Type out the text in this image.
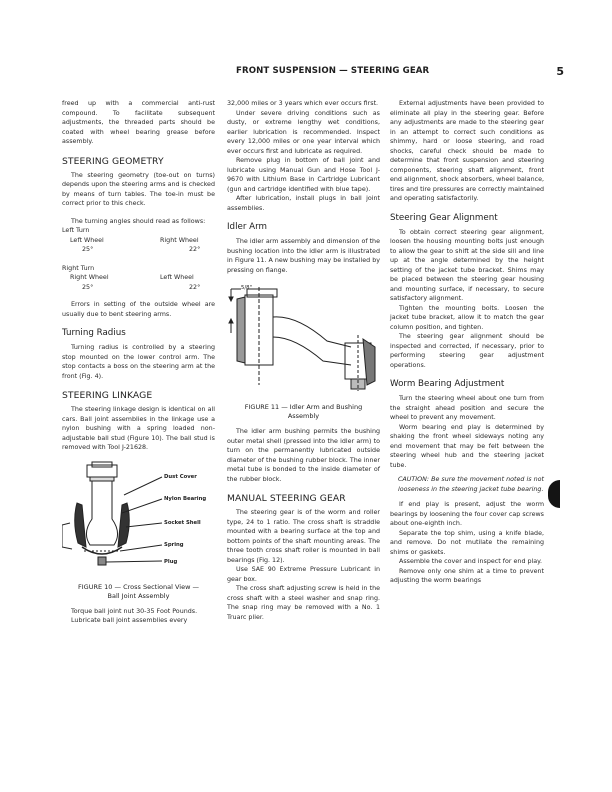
FRONT SUSPENSION — STEERING GEAR	5

freed up with a commercial anti-rust compound. To facilitate subsequent adjustments, the threaded parts should be coated with wheel bearing grease before assembly.

STEERING GEOMETRY

The steering geometry (toe-out on turns) depends upon the steering arms and is checked by means of turn tables. The toe-in must be correct prior to this check.

The turning angles should read as follows:

Left Turn
Left Wheel	Right Wheel
25°	22°
Right Turn
Right Wheel	Left Wheel
25°	22°

Errors in setting of the outside wheel are usually due to bent steering arms.

Turning Radius

Turning radius is controlled by a steering stop mounted on the lower control arm. The stop contacts a boss on the steering arm at the front (Fig. 4).

STEERING LINKAGE

The steering linkage design is identical on all cars. Ball joint assemblies in the linkage use a nylon bushing with a spring loaded non-adjustable ball stud (Figure 10). The ball stud is removed with Tool J-21628.

Dust Cover
Nylon Bearing
Socket Shell
Spring
Plug
FIGURE 10 — Cross Sectional View —
Ball Joint Assembly

Torque ball joint nut 30-35 Foot Pounds.

Lubricate ball joint assemblies every

32,000 miles or 3 years which ever occurs first.

Under severe driving conditions such as dusty, or extreme lengthy wet conditions, earlier lubrication is recommended. Inspect every 12,000 miles or one year interval which ever occurs first and lubricate as required.

Remove plug in bottom of ball joint and lubricate using Manual Gun and Hose Tool J-9670 with Lithium Base in Cartridge Lubricant (gun and cartridge identified with blue tape).

After lubrication, install plugs in ball joint assemblies.

Idler Arm

The idler arm assembly and dimension of the bushing location into the idler arm is illustrated in Figure 11. A new bushing may be installed by pressing on flange.

5/8"
FIGURE 11 — Idler Arm and Bushing
Assembly

The idler arm bushing permits the bushing outer metal shell (pressed into the idler arm) to turn on the permanently lubricated outside diameter of the bushing rubber block. The inner metal tube is bonded to the inside diameter of the rubber block.

MANUAL STEERING GEAR

The steering gear is of the worm and roller type, 24 to 1 ratio. The cross shaft is straddle mounted with a bearing surface at the top and bottom points of the shaft mounting areas. The three tooth cross shaft roller is mounted in ball bearings (Fig. 12).

Use SAE 90 Extreme Pressure Lubricant in gear box.

The cross shaft adjusting screw is held in the cross shaft with a steel washer and snap ring. The snap ring may be removed with a No. 1 Truarc plier.

External adjustments have been provided to eliminate all play in the steering gear. Before any adjustments are made to the steering gear in an attempt to correct such conditions as shimmy, hard or loose steering, and road shocks, careful check should be made to determine that front suspension and steering components, steering shaft alignment, front end alignment, shock absorbers, wheel balance, tires and tire pressures are correctly maintained and operating satisfactorily.

Steering Gear Alignment

To obtain correct steering gear alignment, loosen the housing mounting bolts just enough to allow the gear to shift at the side sill and line up at the angle determined by the height setting of the jacket tube bracket. Shims may be placed between the steering gear housing and mounting surface, if necessary, to secure satisfactory alignment.

Tighten the mounting bolts. Loosen the jacket tube bracket, allow it to match the gear column position, and tighten.

The steering gear alignment should be inspected and corrected, if necessary, prior to performing steering gear adjustment operations.

Worm Bearing Adjustment

Turn the steering wheel about one turn from the straight ahead position and secure the wheel to prevent any movement.

Worm bearing end play is determined by shaking the front wheel sideways noting any end movement that may be felt between the steering wheel hub and the steering jacket tube.

CAUTION: Be sure the movement noted is not looseness in the steering jacket tube bearing.

If end play is present, adjust the worm bearings by loosening the four cover cap screws about one-eighth inch.

Separate the top shim, using a knife blade, and remove. Do not mutilate the remaining shims or gaskets.

Assemble the cover and inspect for end play.

Remove only one shim at a time to prevent adjusting the worm bearings
